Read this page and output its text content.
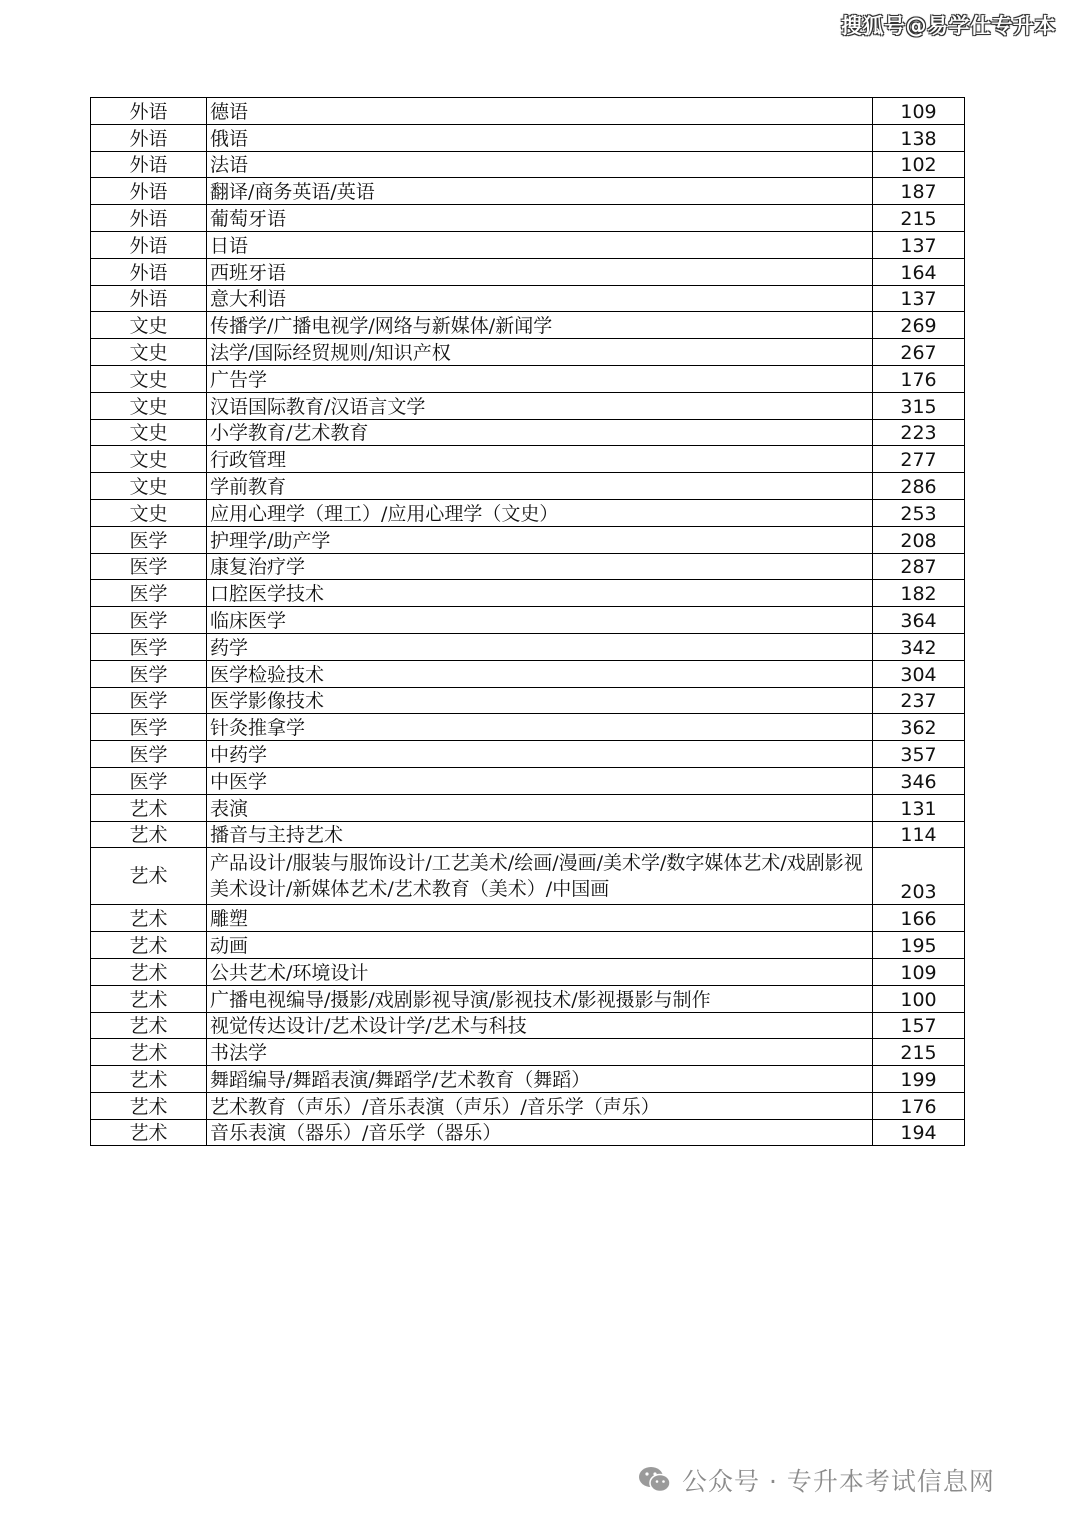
搜狐号@易学仕专升本
外语	德语	109
外语	俄语	138
外语	法语	102
外语	翻译/商务英语/英语	187
外语	葡萄牙语	215
外语	日语	137
外语	西班牙语	164
外语	意大利语	137
文史	传播学/广播电视学/网络与新媒体/新闻学	269
文史	法学/国际经贸规则/知识产权	267
文史	广告学	176
文史	汉语国际教育/汉语言文学	315
文史	小学教育/艺术教育	223
文史	行政管理	277
文史	学前教育	286
文史	应用心理学（理工）/应用心理学（文史）	253
医学	护理学/助产学	208
医学	康复治疗学	287
医学	口腔医学技术	182
医学	临床医学	364
医学	药学	342
医学	医学检验技术	304
医学	医学影像技术	237
医学	针灸推拿学	362
医学	中药学	357
医学	中医学	346
艺术	表演	131
艺术	播音与主持艺术	114
艺术	产品设计/服装与服饰设计/工艺美术/绘画/漫画/美术学/数字媒体艺术/戏剧影视美术设计/新媒体艺术/艺术教育（美术）/中国画	203
艺术	雕塑	166
艺术	动画	195
艺术	公共艺术/环境设计	109
艺术	广播电视编导/摄影/戏剧影视导演/影视技术/影视摄影与制作	100
艺术	视觉传达设计/艺术设计学/艺术与科技	157
艺术	书法学	215
艺术	舞蹈编导/舞蹈表演/舞蹈学/艺术教育（舞蹈）	199
艺术	艺术教育（声乐）/音乐表演（声乐）/音乐学（声乐）	176
艺术	音乐表演（器乐）/音乐学（器乐）	194
公众号 · 专升本考试信息网
